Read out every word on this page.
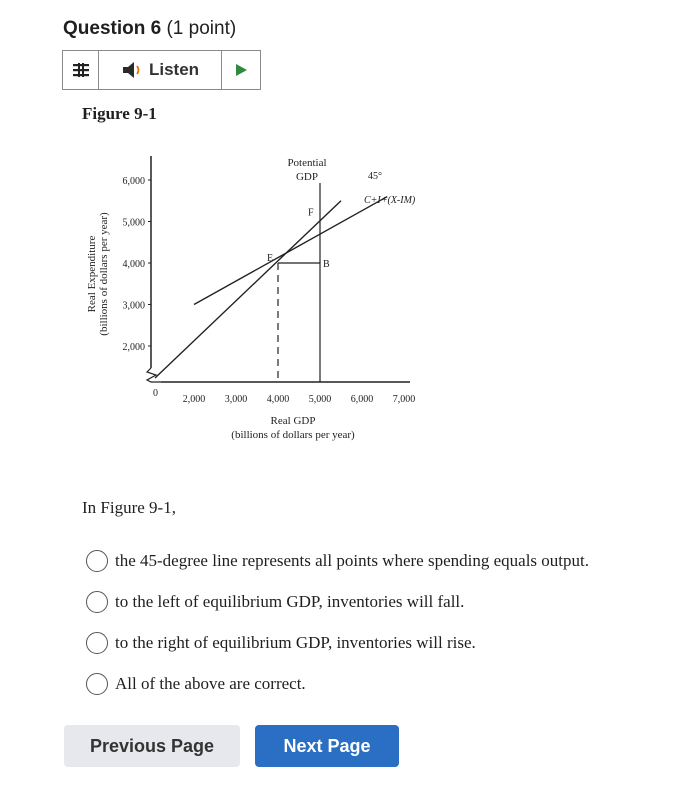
Question 6 (1 point)
Listen
Figure 9-1
6,000
5,000
4,000
3,000
2,000
2,000 3,000 4,000 5,000 6,000 7,000
0
E
B
F
Potential
GDP	45°
C+I+(X-IM)
Real Expenditure (billions of dollars per year)
Real GDP
(billions of dollars per year)
In Figure 9-1,
the 45-degree line represents all points where spending equals output.
to the left of equilibrium GDP, inventories will fall.
to the right of equilibrium GDP, inventories will rise.
All of the above are correct.
Previous Page	Next Page
